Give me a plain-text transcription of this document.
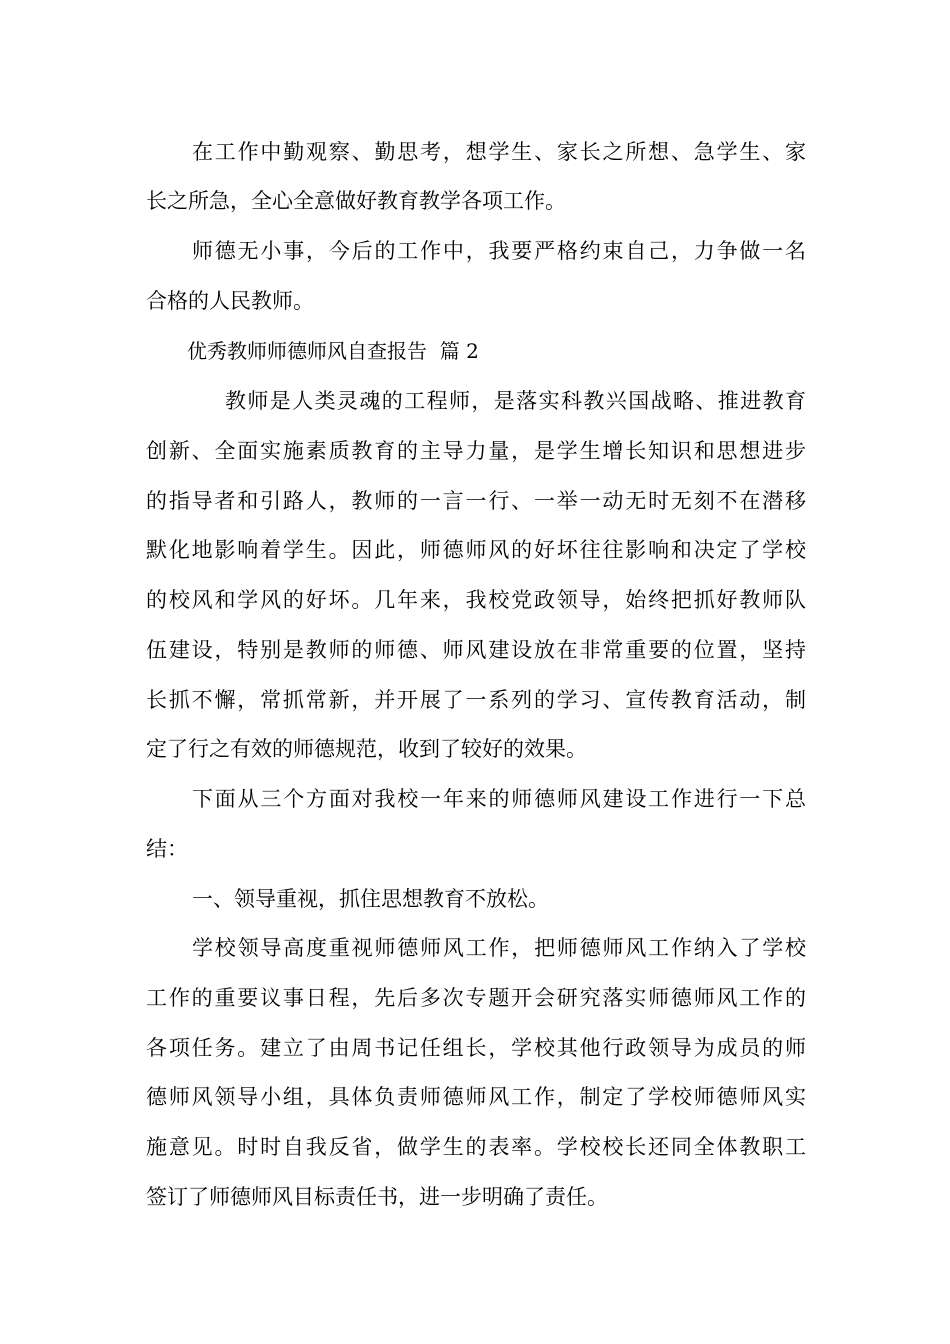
在工作中勤观察、勤思考，想学生、家长之所想、急学生、家
长之所急，全心全意做好教育教学各项工作。
师德无小事，今后的工作中，我要严格约束自己，力争做一名
合格的人民教师。
优秀教师师德师风自查报告  篇 2
教师是人类灵魂的工程师，是落实科教兴国战略、推进教育
创新、全面实施素质教育的主导力量，是学生增长知识和思想进步
的指导者和引路人，教师的一言一行、一举一动无时无刻不在潜移
默化地影响着学生。因此，师德师风的好坏往往影响和决定了学校
的校风和学风的好坏。几年来，我校党政领导，始终把抓好教师队
伍建设，特别是教师的师德、师风建设放在非常重要的位置，坚持
长抓不懈，常抓常新，并开展了一系列的学习、宣传教育活动，制
定了行之有效的师德规范，收到了较好的效果。
下面从三个方面对我校一年来的师德师风建设工作进行一下总
结：
一、领导重视，抓住思想教育不放松。
学校领导高度重视师德师风工作，把师德师风工作纳入了学校
工作的重要议事日程，先后多次专题开会研究落实师德师风工作的
各项任务。建立了由周书记任组长，学校其他行政领导为成员的师
德师风领导小组，具体负责师德师风工作，制定了学校师德师风实
施意见。时时自我反省，做学生的表率。学校校长还同全体教职工
签订了师德师风目标责任书，进一步明确了责任。
